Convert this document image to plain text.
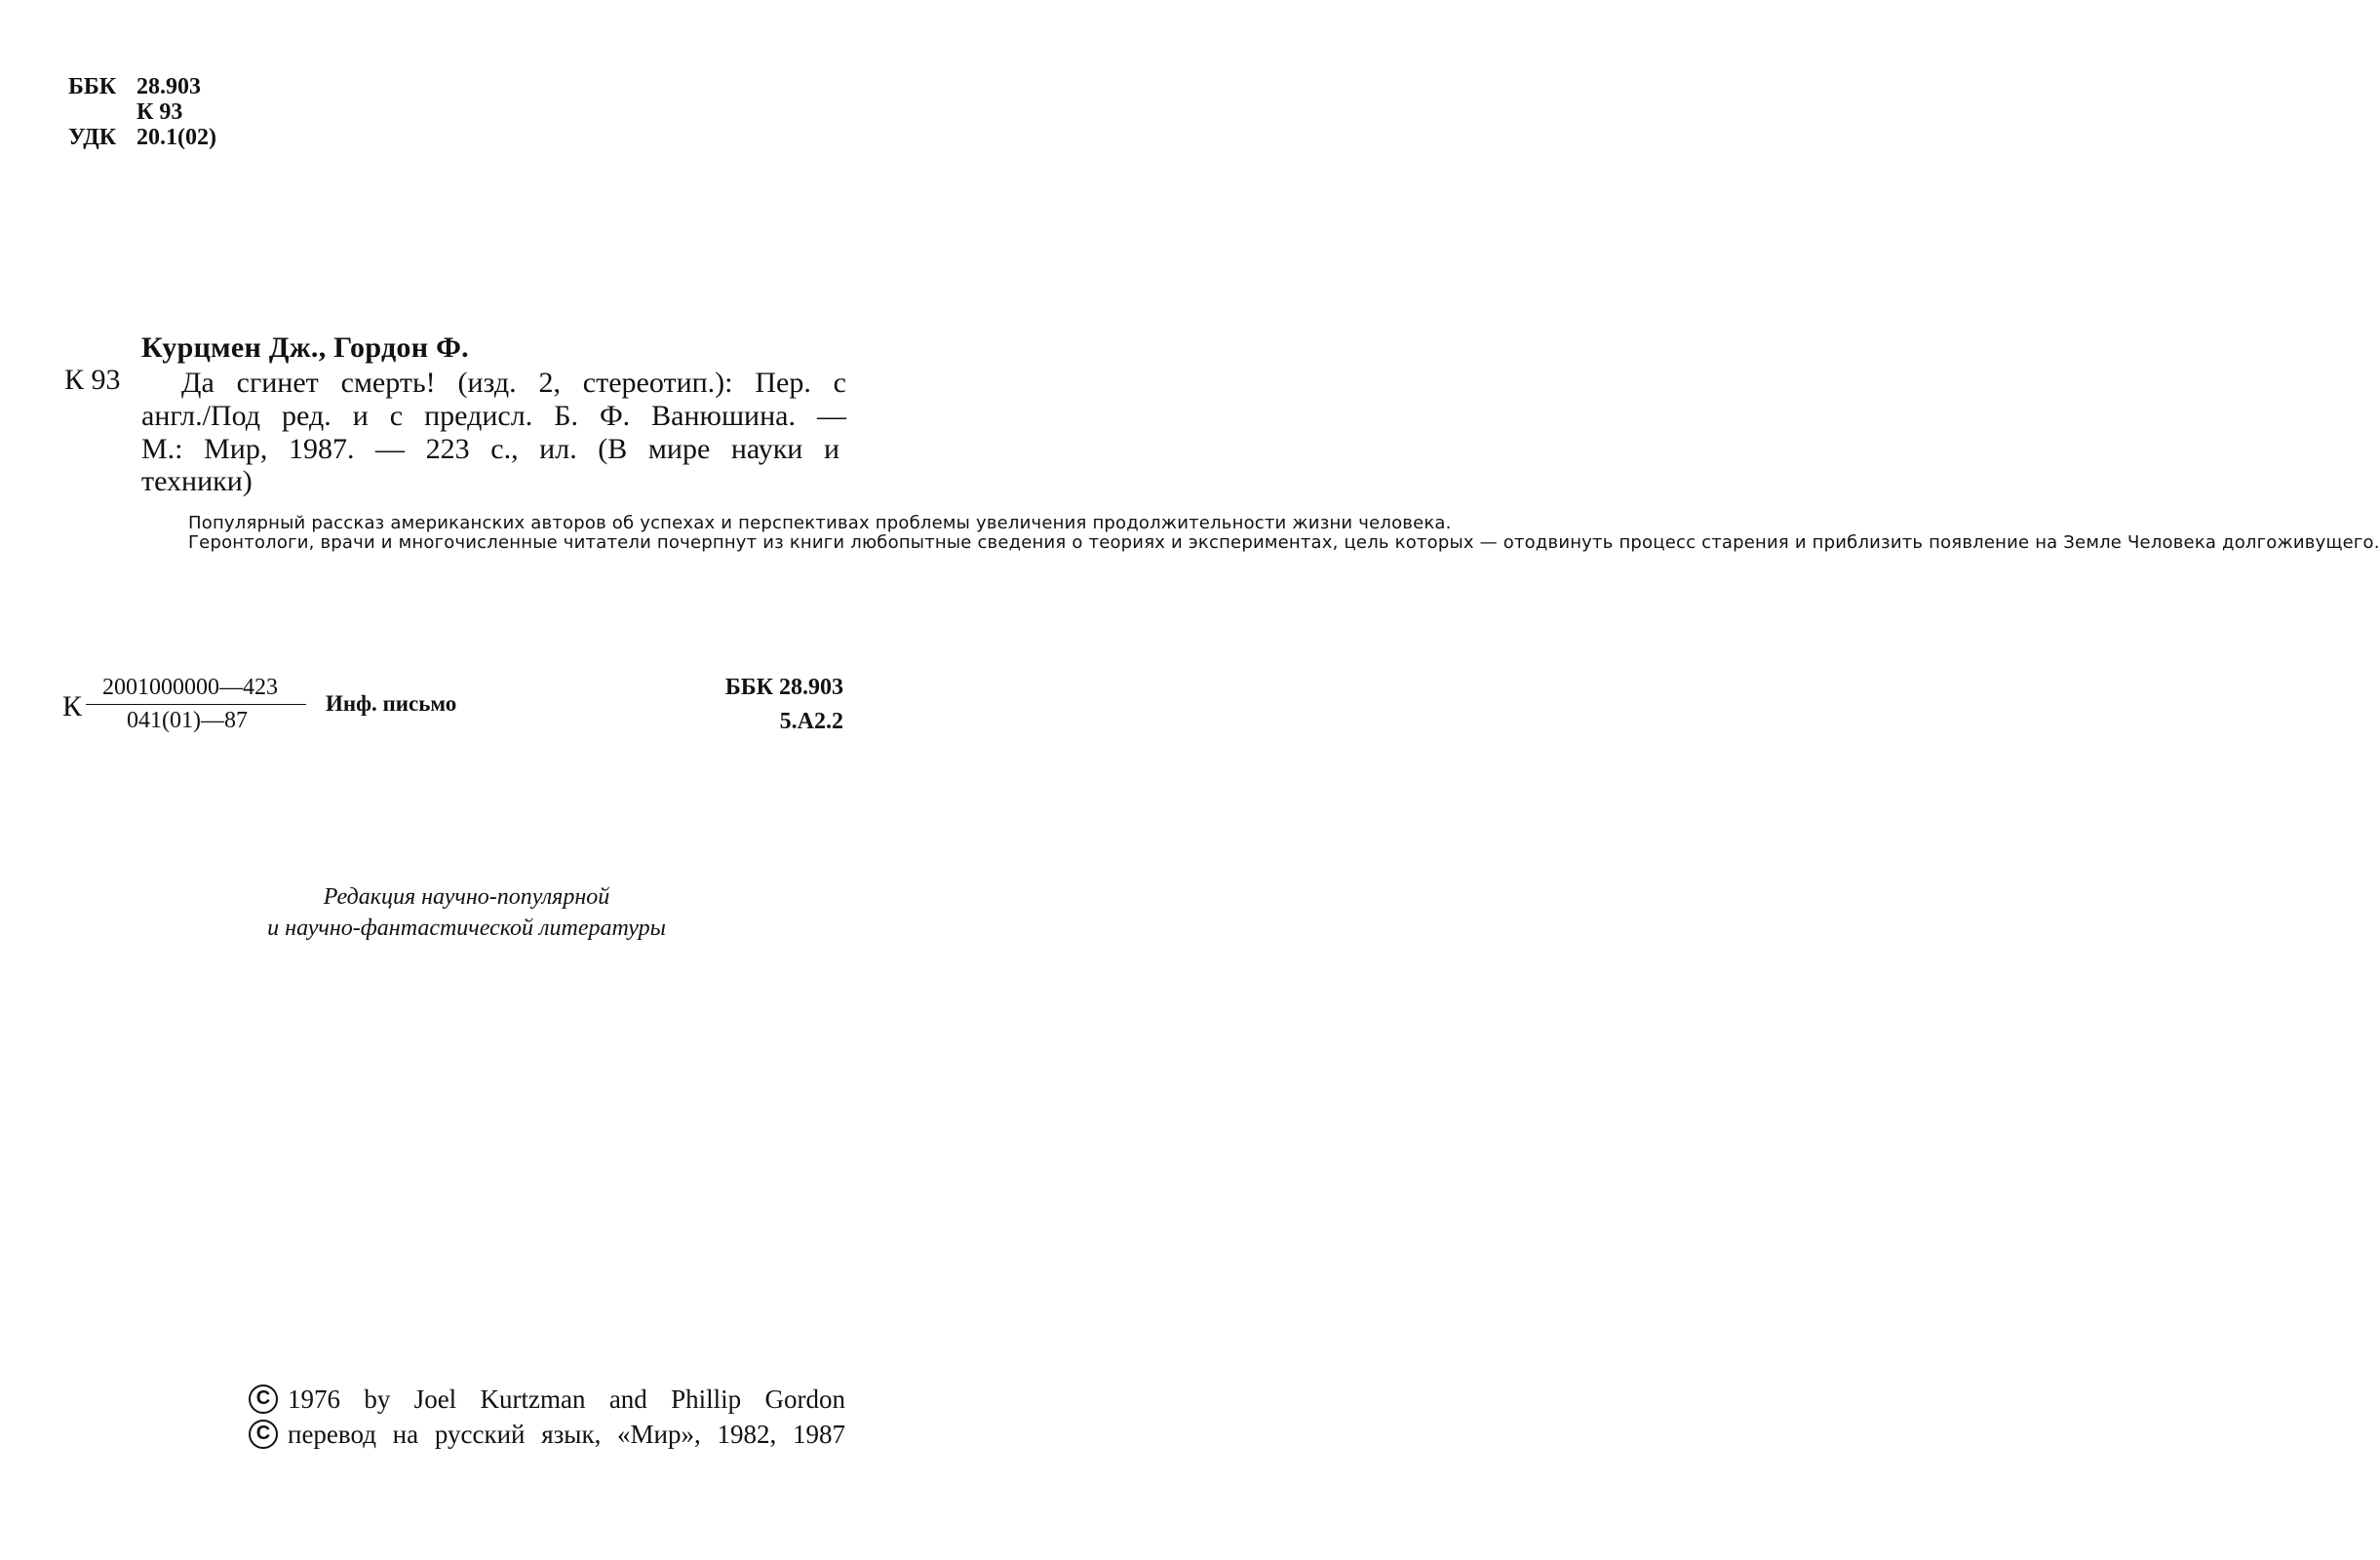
ББК 28.903
К 93
УДК 20.1(02)
Курцмен Дж., Гордон Ф.
К 93 Да сгинет смерть! (изд. 2, стереотип.): Пер. с
англ./Под ред. и с предисл. Б. Ф. Ванюшина. —
М.: Мир, 1987. — 223 с., ил. (В мире науки и
техники)

Популярный рассказ американских авторов об успехах и перспективах проблемы увеличения продолжительности жизни человека.

Геронтологи, врачи и многочисленные читатели почерпнут из книги любопытные сведения о теориях и экспериментах, цель которых — отодвинуть процесс старения и приблизить появление на Земле Человека долгоживущего.

К
2001000000—423
041(01)—87
Инф. письмо
ББК 28.903
5.А2.2
Редакция научно-популярной
и научно-фантастической литературы
C 1976 by Joel Kurtzman and Phillip Gordon
C перевод на русский язык, «Мир», 1982, 1987
